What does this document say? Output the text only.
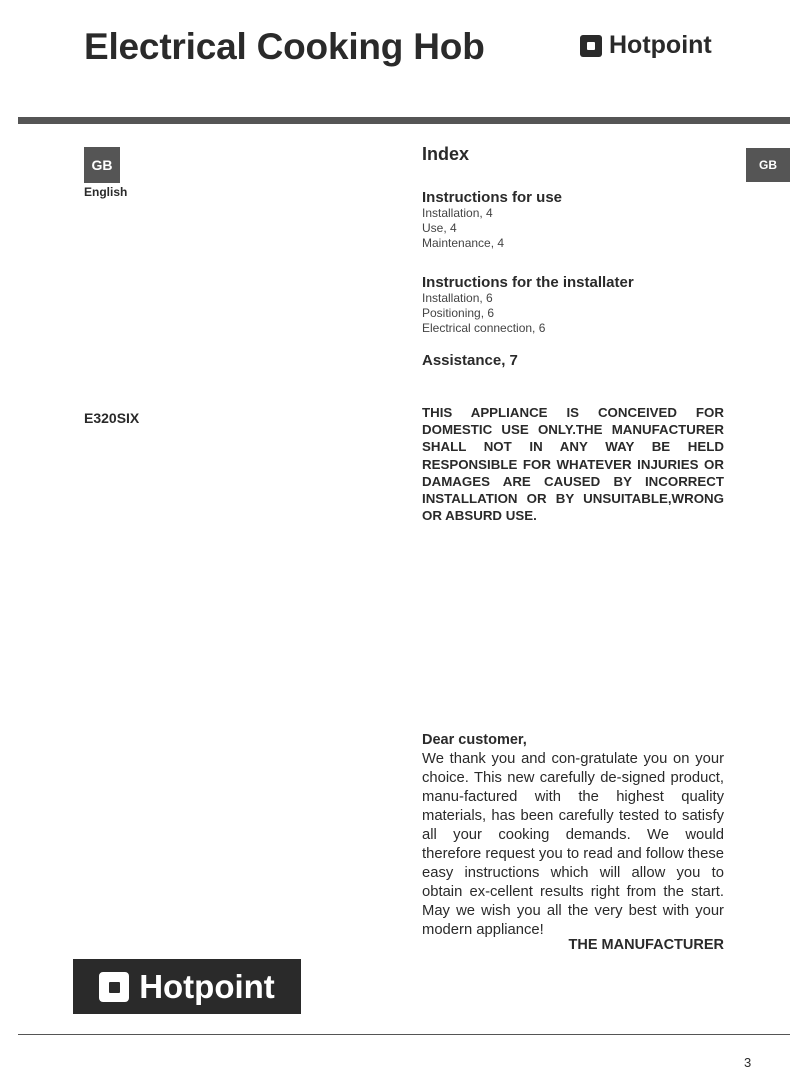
Electrical Cooking Hob	Hotpoint
GB
English
GB
E320SIX
Index
Instructions for use
Installation, 4
Use, 4
Maintenance, 4
Instructions for the installater
Installation, 6
Positioning, 6
Electrical connection, 6
Assistance, 7

THIS APPLIANCE IS CONCEIVED FOR DOMESTIC USE ONLY.THE MANUFACTURER SHALL NOT IN ANY WAY BE HELD RESPONSIBLE FOR WHATEVER INJURIES OR DAMAGES ARE CAUSED BY INCORRECT INSTALLATION OR BY UNSUITABLE,WRONG OR ABSURD USE.

Dear customer,

We thank you and con-gratulate you on your choice. This new carefully de-signed product, manu-factured with the highest quality materials, has been carefully tested to satisfy all your cooking demands. We would therefore request you to read and follow these easy instructions which will allow you to obtain ex-cellent results right from the start. May we wish you all the very best with your modern appliance!

THE MANUFACTURER
Hotpoint
3
